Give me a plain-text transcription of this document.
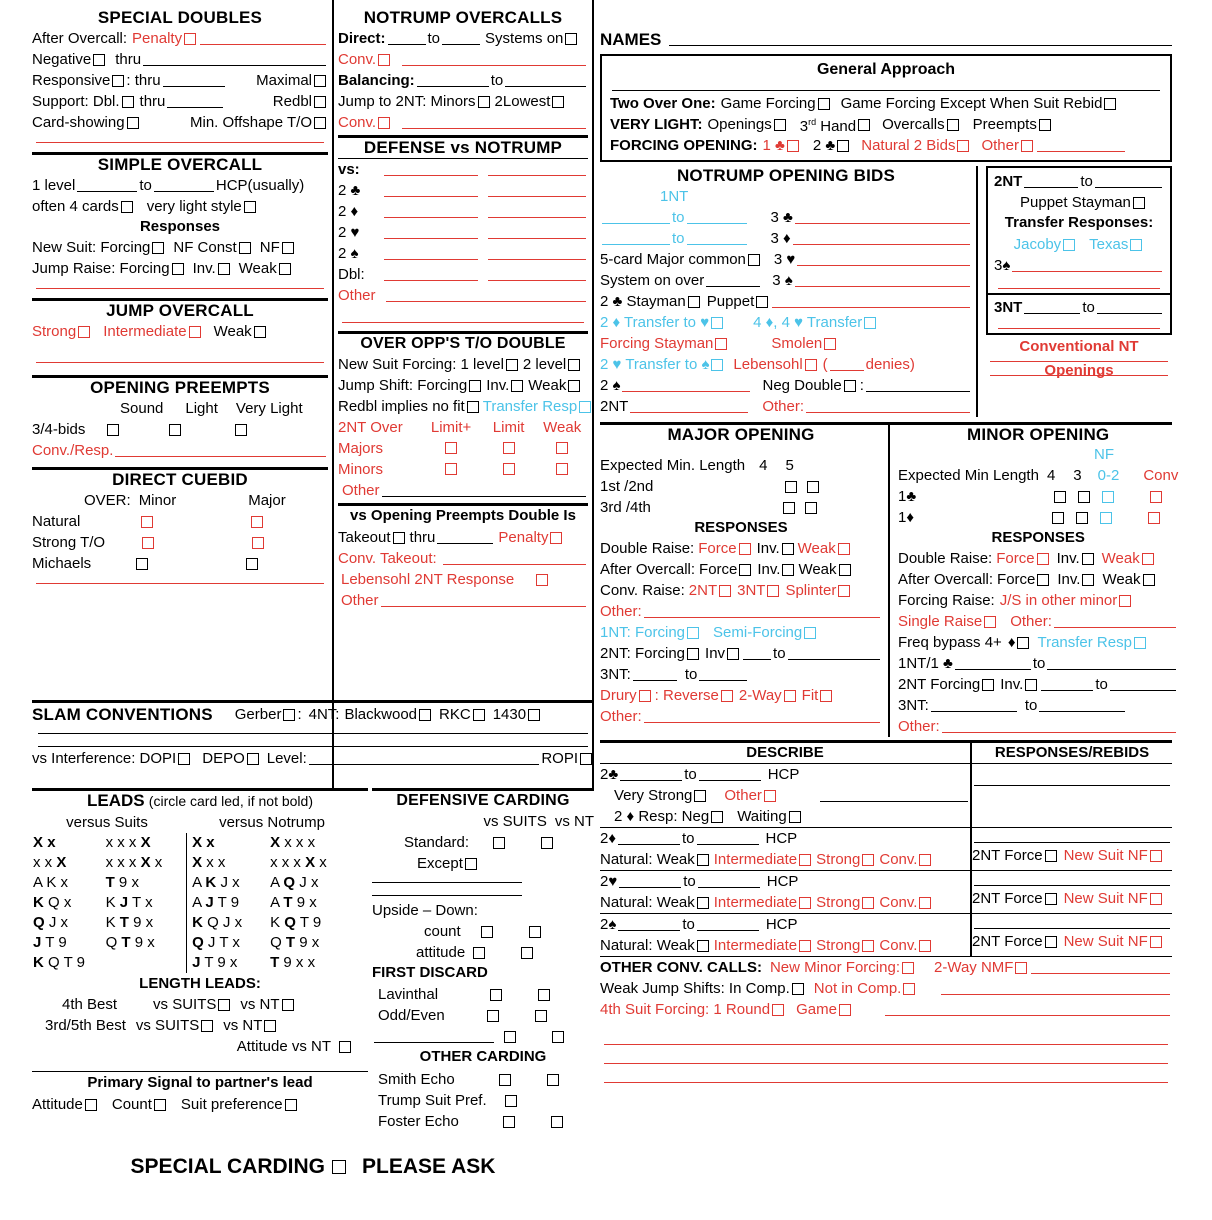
SPECIAL DOUBLES
After Overcall: Penalty
Negative thru
Responsive : thru	Maximal
Support: Dbl. thru	Redbl
Card-showing	Min. Offshape T/O
SIMPLE OVERCALL
1 level	to	HCP(usually)
often 4 cards very light style
Responses
New Suit: Forcing NF Const NF
Jump Raise: Forcing Inv. Weak
JUMP OVERCALL
Strong Intermediate Weak
OPENING PREEMPTS
Sound Light Very Light
3/4-bids
Conv./Resp.
DIRECT CUEBID
OVER: Minor	Major
Natural
Strong T/O
Michaels
SLAM CONVENTIONS Gerber : 4NT: Blackwood RKC 1430
vs Interference: DOPI DEPO Level:	ROPI
LEADS (circle card led, if not bold)
versus Suits	versus Notrump
X x	x x x X	X x	X x x x
x x X	x x x X x	X x x	x x x X x
A K x	T 9 x	A K J x	A Q J x
K Q x	K J T x	A J T 9	A T 9 x
Q J x	K T 9 x	K Q J x	K Q T 9
J T 9	Q T 9 x	Q J T x	Q T 9 x
K Q T 9		J T 9 x	T 9 x x
LENGTH LEADS:
4th Best vs SUITS vs NT
3rd/5th Best vs SUITS vs NT
Attitude vs NT
Primary Signal to partner's lead
Attitude Count Suit preference
SPECIAL CARDING PLEASE ASK
DEFENSIVE CARDING
vs SUITS vs NT
Standard:
Except
Upside – Down:
count
attitude
FIRST DISCARD
Lavinthal
Odd/Even
OTHER CARDING
Smith Echo
Trump Suit Pref.
Foster Echo
NOTRUMP OVERCALLS
Direct:	to	Systems on
Conv.
Balancing:	to
Jump to 2NT: Minors 2Lowest
Conv.
DEFENSE vs NOTRUMP
vs:
2 ♣
2 ♦
2 ♥
2 ♠
Dbl:
Other
OVER OPP'S T/O DOUBLE
New Suit Forcing: 1 level 2 level
Jump Shift: Forcing Inv. Weak
Redbl implies no fit Transfer Resp
2NT Over	Limit+	Limit	Weak
Majors
Minors
Other
vs Opening Preempts Double Is
Takeout thru	Penalty
Conv. Takeout:
Lebensohl 2NT Response
Other
NAMES
General Approach
Two Over One: Game Forcing Game Forcing Except When Suit Rebid
VERY LIGHT: Openings 3rd Hand Overcalls Preempts
FORCING OPENING: 1 ♣ 2 ♣ Natural 2 Bids Other
NOTRUMP OPENING BIDS
1NT
to	3 ♣
to	3 ♦
5-card Major common 3 ♥
System on over	3 ♠
2 ♣ Stayman Puppet
2 ♦ Transfer to ♥	4 ♦, 4 ♥ Transfer
Forcing Stayman	Smolen
2 ♥ Transfer to ♠ Lebensohl (	denies)
2 ♠	Neg Double :
2NT	Other:
2NT	to
Puppet Stayman
Transfer Responses:
Jacoby Texas
3♠
3NT	to
Conventional NT Openings
MAJOR OPENING
Expected Min. Length 4 5
1st /2nd
3rd /4th
RESPONSES
Double Raise: Force Inv. Weak
After Overcall: Force Inv. Weak
Conv. Raise: 2NT 3NT Splinter
Other:
1NT: Forcing Semi-Forcing
2NT: Forcing Inv	to
3NT:	to
Drury : Reverse 2-Way Fit
Other:
MINOR OPENING
NF
Expected Min Length 4 3 0-2 Conv
1♣
1♦
RESPONSES
Double Raise: Force Inv. Weak
After Overcall: Force Inv. Weak
Forcing Raise: J/S in other minor
Single Raise Other:
Freq bypass 4+ ♦ Transfer Resp
1NT/1 ♣	to
2NT Forcing Inv.	to
3NT:	to
Other:
DESCRIBE	RESPONSES/REBIDS
2♣	to	HCP
Very Strong Other
2 ♦ Resp: Neg Waiting
2♦	to	HCP
Natural: Weak Intermediate Strong Conv.	2NT Force New Suit NF
2♥	to	HCP
Natural: Weak Intermediate Strong Conv.	2NT Force New Suit NF
2♠	to	HCP
Natural: Weak Intermediate Strong Conv.	2NT Force New Suit NF
OTHER CONV. CALLS: New Minor Forcing: 2-Way NMF
Weak Jump Shifts: In Comp. Not in Comp.
4th Suit Forcing: 1 Round Game
